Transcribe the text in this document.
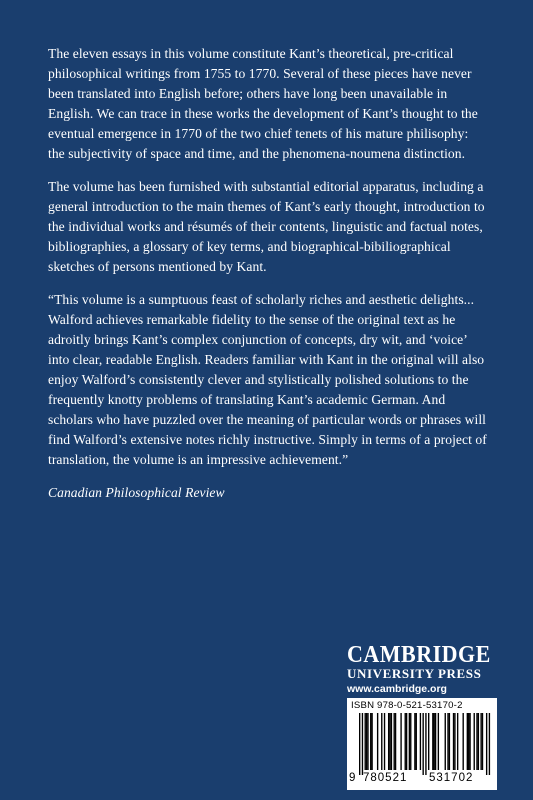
The eleven essays in this volume constitute Kant’s theoretical, pre-critical philosophical writings from 1755 to 1770. Several of these pieces have never been translated into English before; others have long been unavailable in English. We can trace in these works the development of Kant’s thought to the eventual emergence in 1770 of the two chief tenets of his mature philisophy: the subjectivity of space and time, and the phenomena-noumena distinction.

The volume has been furnished with substantial editorial apparatus, including a general introduction to the main themes of Kant’s early thought, introduction to the individual works and résumés of their contents, linguistic and factual notes, bibliographies, a glossary of key terms, and biographical-bibiliographical sketches of persons mentioned by Kant.

“This volume is a sumptuous feast of scholarly riches and aesthetic delights... Walford achieves remarkable fidelity to the sense of the original text as he adroitly brings Kant’s complex conjunction of concepts, dry wit, and ‘voice’ into clear, readable English. Readers familiar with Kant in the original will also enjoy Walford’s consistently clever and stylistically polished solutions to the frequently knotty problems of translating Kant’s academic German. And scholars who have puzzled over the meaning of particular words or phrases will find Walford’s extensive notes richly instructive. Simply in terms of a project of translation, the volume is an impressive achievement.”

Canadian Philosophical Review

CAMBRIDGE
UNIVERSITY PRESS
www.cambridge.org
ISBN 978-0-521-53170-2
9 780521 531702
